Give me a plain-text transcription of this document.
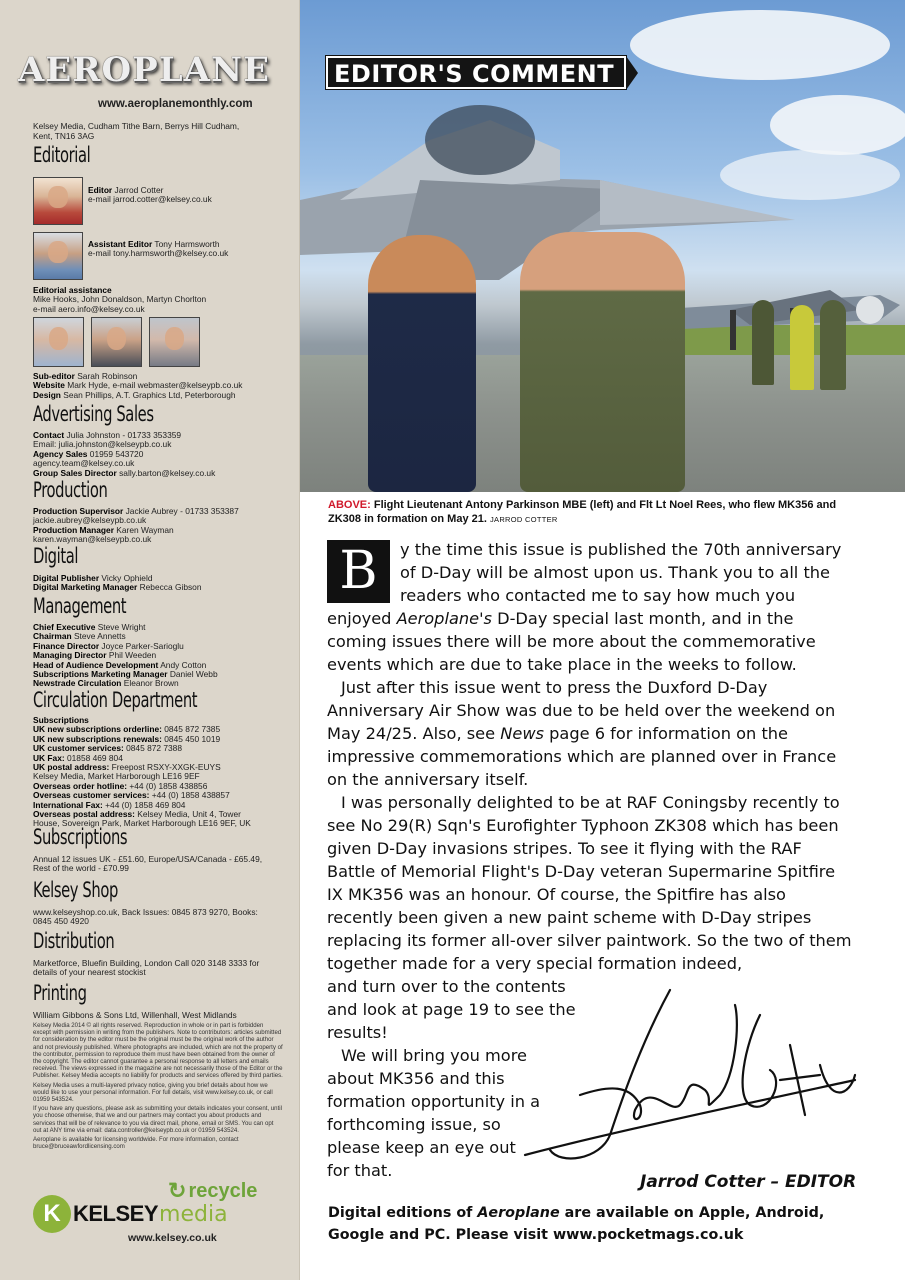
AEROPLANE
www.aeroplanemonthly.com
Kelsey Media, Cudham Tithe Barn, Berrys Hill Cudham, Kent, TN16 3AG
Editorial
Editor Jarrod Cotter
e-mail jarrod.cotter@kelsey.co.uk
Assistant Editor Tony Harmsworth
e-mail tony.harmsworth@kelsey.co.uk
Editorial assistance
Mike Hooks, John Donaldson, Martyn Chorlton
e-mail aero.info@kelsey.co.uk
Sub-editor Sarah Robinson
Website Mark Hyde, e-mail webmaster@kelseypb.co.uk
Design Sean Phillips, A.T. Graphics Ltd, Peterborough
Advertising Sales
Contact Julia Johnston - 01733 353359
Email: julia.johnston@kelseypb.co.uk
Agency Sales 01959 543720
agency.team@kelsey.co.uk
Group Sales Director sally.barton@kelsey.co.uk
Production
Production Supervisor Jackie Aubrey - 01733 353387
jackie.aubrey@kelseypb.co.uk
Production Manager Karen Wayman
karen.wayman@kelseypb.co.uk
Digital
Digital Publisher Vicky Ophield
Digital Marketing Manager Rebecca Gibson
Management
Chief Executive Steve Wright
Chairman Steve Annetts
Finance Director Joyce Parker-Sarioglu
Managing Director Phil Weeden
Head of Audience Development Andy Cotton
Subscriptions Marketing Manager Daniel Webb
Newstrade Circulation Eleanor Brown
Circulation Department
Subscriptions
UK new subscriptions orderline: 0845 872 7385
UK new subscriptions renewals: 0845 450 1019
UK customer services: 0845 872 7388
UK Fax: 01858 469 804
UK postal address: Freepost RSXY-XXGK-EUYS
Kelsey Media, Market Harborough LE16 9EF
Overseas order hotline: +44 (0) 1858 438856
Overseas customer services: +44 (0) 1858 438857
International Fax: +44 (0) 1858 469 804
Overseas postal address: Kelsey Media, Unit 4, Tower House, Sovereign Park, Market Harborough LE16 9EF, UK
Subscriptions
Annual 12 issues UK - £51.60, Europe/USA/Canada - £65.49, Rest of the world - £70.99
Kelsey Shop
www.kelseyshop.co.uk, Back Issues: 0845 873 9270, Books: 0845 450 4920
Distribution
Marketforce, Bluefin Building, London Call 020 3148 3333 for details of your nearest stockist
Printing
William Gibbons & Sons Ltd, Willenhall, West Midlands

Kelsey Media 2014 © all rights reserved. Reproduction in whole or in part is forbidden except with permission in writing from the publishers. Note to contributors: articles submitted for consideration by the editor must be the original must be the original work of the author and not previously published. Where photographs are included, which are not the property of the contributor, permission to reproduce them must have been obtained from the owner of the copyright. The editor cannot guarantee a personal response to all letters and emails received. The views expressed in the magazine are not necessarily those of the Editor or the Publisher. Kelsey Media accepts no liability for products and services offered by third parties.

Kelsey Media uses a multi-layered privacy notice, giving you brief details about how we would like to use your personal information. For full details, visit www.kelsey.co.uk, or call 01959 543524.

If you have any questions, please ask as submitting your details indicates your consent, until you choose otherwise, that we and our partners may contact you about products and services that will be of relevance to you via direct mail, phone, email or SMS. You can opt out at ANY time via email: data.controller@kelseypb.co.uk or 01959 543524.

Aeroplane is available for licensing worldwide. For more information, contact bruce@bruceawfordlicensing.com

↻ recycle
K KELSEY media
www.kelsey.co.uk
EDITOR'S COMMENT
ABOVE: Flight Lieutenant Antony Parkinson MBE (left) and Flt Lt Noel Rees, who flew MK356 and ZK308 in formation on May 21. JARROD COTTER

B	y the time this issue is published the 70th anniversary of D-Day will be almost upon us. Thank you to all the readers who contacted me to say how much you enjoyed Aeroplane's D-Day special last month, and in the coming issues there will be more about the commemorative events which are due to take place in the weeks to follow.

Just after this issue went to press the Duxford D-Day Anniversary Air Show was due to be held over the weekend on May 24/25. Also, see News page 6 for information on the impressive commemorations which are planned over in France on the anniversary itself.

I was personally delighted to be at RAF Coningsby recently to see No 29(R) Sqn's Eurofighter Typhoon ZK308 which has been given D-Day invasions stripes. To see it flying with the RAF Battle of Memorial Flight's D-Day veteran Supermarine Spitfire IX MK356 was an honour. Of course, the Spitfire has also recently been given a new paint scheme with D-Day stripes replacing its former all-over silver paintwork. So the two of them together made for a very special formation indeed,

and turn over to the contents and look at page 19 to see the results!

We will bring you more about MK356 and this formation opportunity in a forthcoming issue, so please keep an eye out for that.

Jarrod Cotter – EDITOR
Digital editions of Aeroplane are available on Apple, Android, Google and PC. Please visit www.pocketmags.co.uk
